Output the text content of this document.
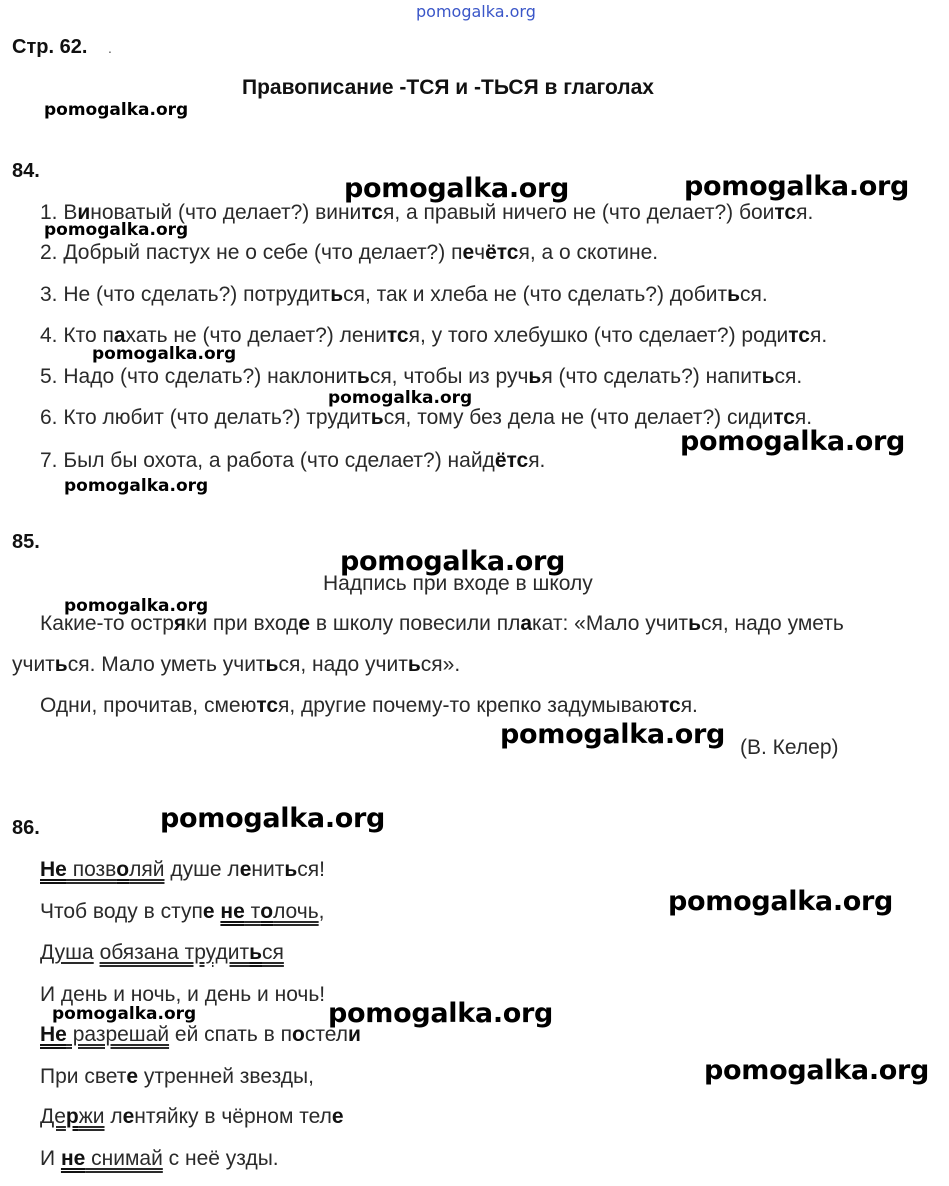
pomogalka.org
Стр. 62. .
Правописание -ТСЯ и -ТЬСЯ в глаголах
pomogalka.org
pomogalka.org	pomogalka.org
pomogalka.org
pomogalka.org
pomogalka.org
pomogalka.org
pomogalka.org
pomogalka.org
pomogalka.org
pomogalka.org
pomogalka.org
pomogalka.org
pomogalka.org	pomogalka.org
pomogalka.org
84.
1. Виноватый (что делает?) винится, а правый ничего не (что делает?) боится.
2. Добрый пастух не о себе (что делает?) печётся, а о скотине.
3. Не (что сделать?) потрудиться, так и хлеба не (что сделать?) добиться.
4. Кто пахать не (что делает?) ленится, у того хлебушко (что сделает?) родится.
5. Надо (что сделать?) наклониться, чтобы из ручья (что сделать?) напиться.
6. Кто любит (что делать?) трудиться, тому без дела не (что делает?) сидится.
7. Был бы охота, а работа (что сделает?) найдётся.
85.
Надпись при входе в школу
Какие-то остряки при входе в школу повесили плакат: «Мало учиться, надо уметь
учиться. Мало уметь учиться, надо учиться».
Одни, прочитав, смеются, другие почему-то крепко задумываются.
(В. Келер)
86.
Не позволяй душе лениться!
Чтоб воду в ступе не толочь,
Душа обязана трудиться
И день и ночь, и день и ночь!
Не разрешай ей спать в постели
При свете утренней звезды,
Держи лентяйку в чёрном теле
И не снимай с неё узды.
